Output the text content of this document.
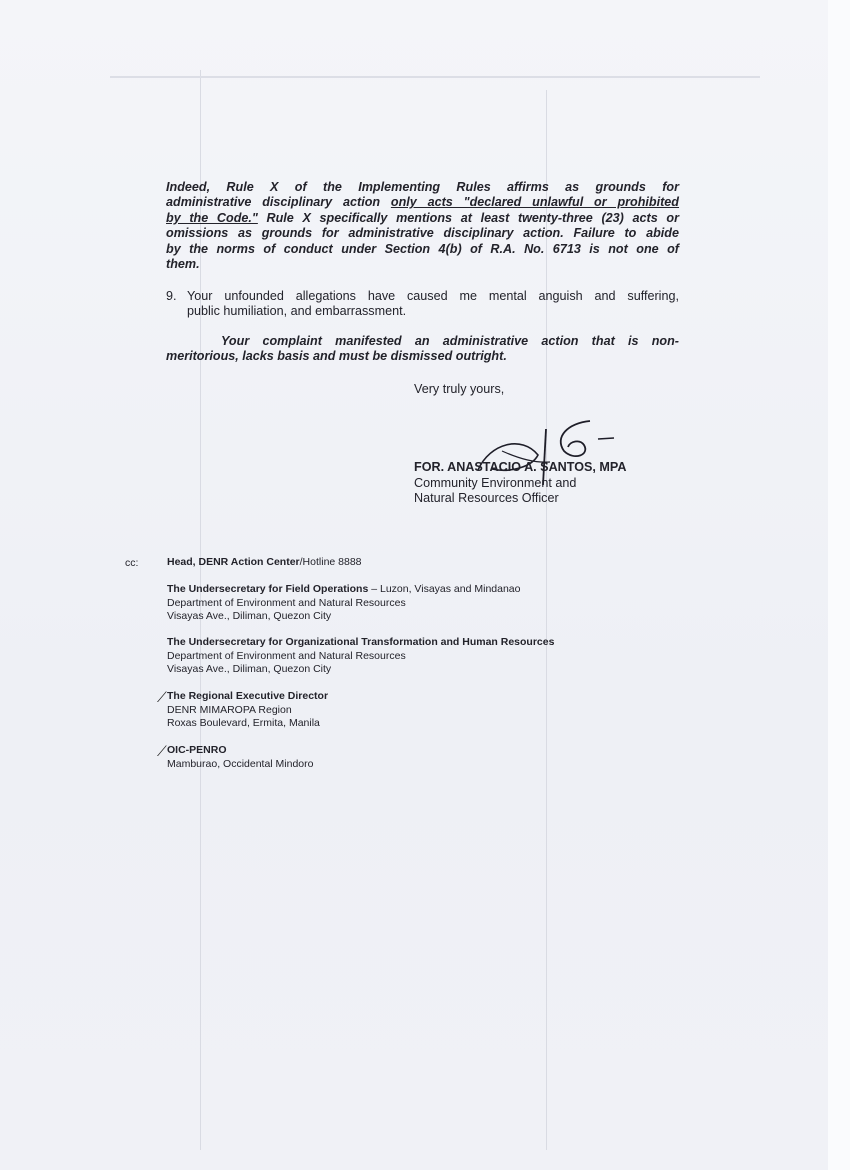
Indeed, Rule X of the Implementing Rules affirms as grounds for
administrative disciplinary action only acts "declared unlawful or prohibited
by the Code." Rule X specifically mentions at least twenty-three (23) acts or
omissions as grounds for administrative disciplinary action. Failure to abide
by the norms of conduct under Section 4(b) of R.A. No. 6713 is not one of
them.
9. Your unfounded allegations have caused me mental anguish and suffering,
public humiliation, and embarrassment.
Your complaint manifested an administrative action that is non-
meritorious, lacks basis and must be dismissed outright.
Very truly yours,
FOR. ANASTACIO A. SANTOS, MPA
Community Environment and
Natural Resources Officer
cc:	Head, DENR Action Center/Hotline 8888
The Undersecretary for Field Operations – Luzon, Visayas and Mindanao
Department of Environment and Natural Resources
Visayas Ave., Diliman, Quezon City
The Undersecretary for Organizational Transformation and Human Resources
Department of Environment and Natural Resources
Visayas Ave., Diliman, Quezon City
⟋ The Regional Executive Director
DENR MIMAROPA Region
Roxas Boulevard, Ermita, Manila
⟋ OIC-PENRO
Mamburao, Occidental Mindoro
